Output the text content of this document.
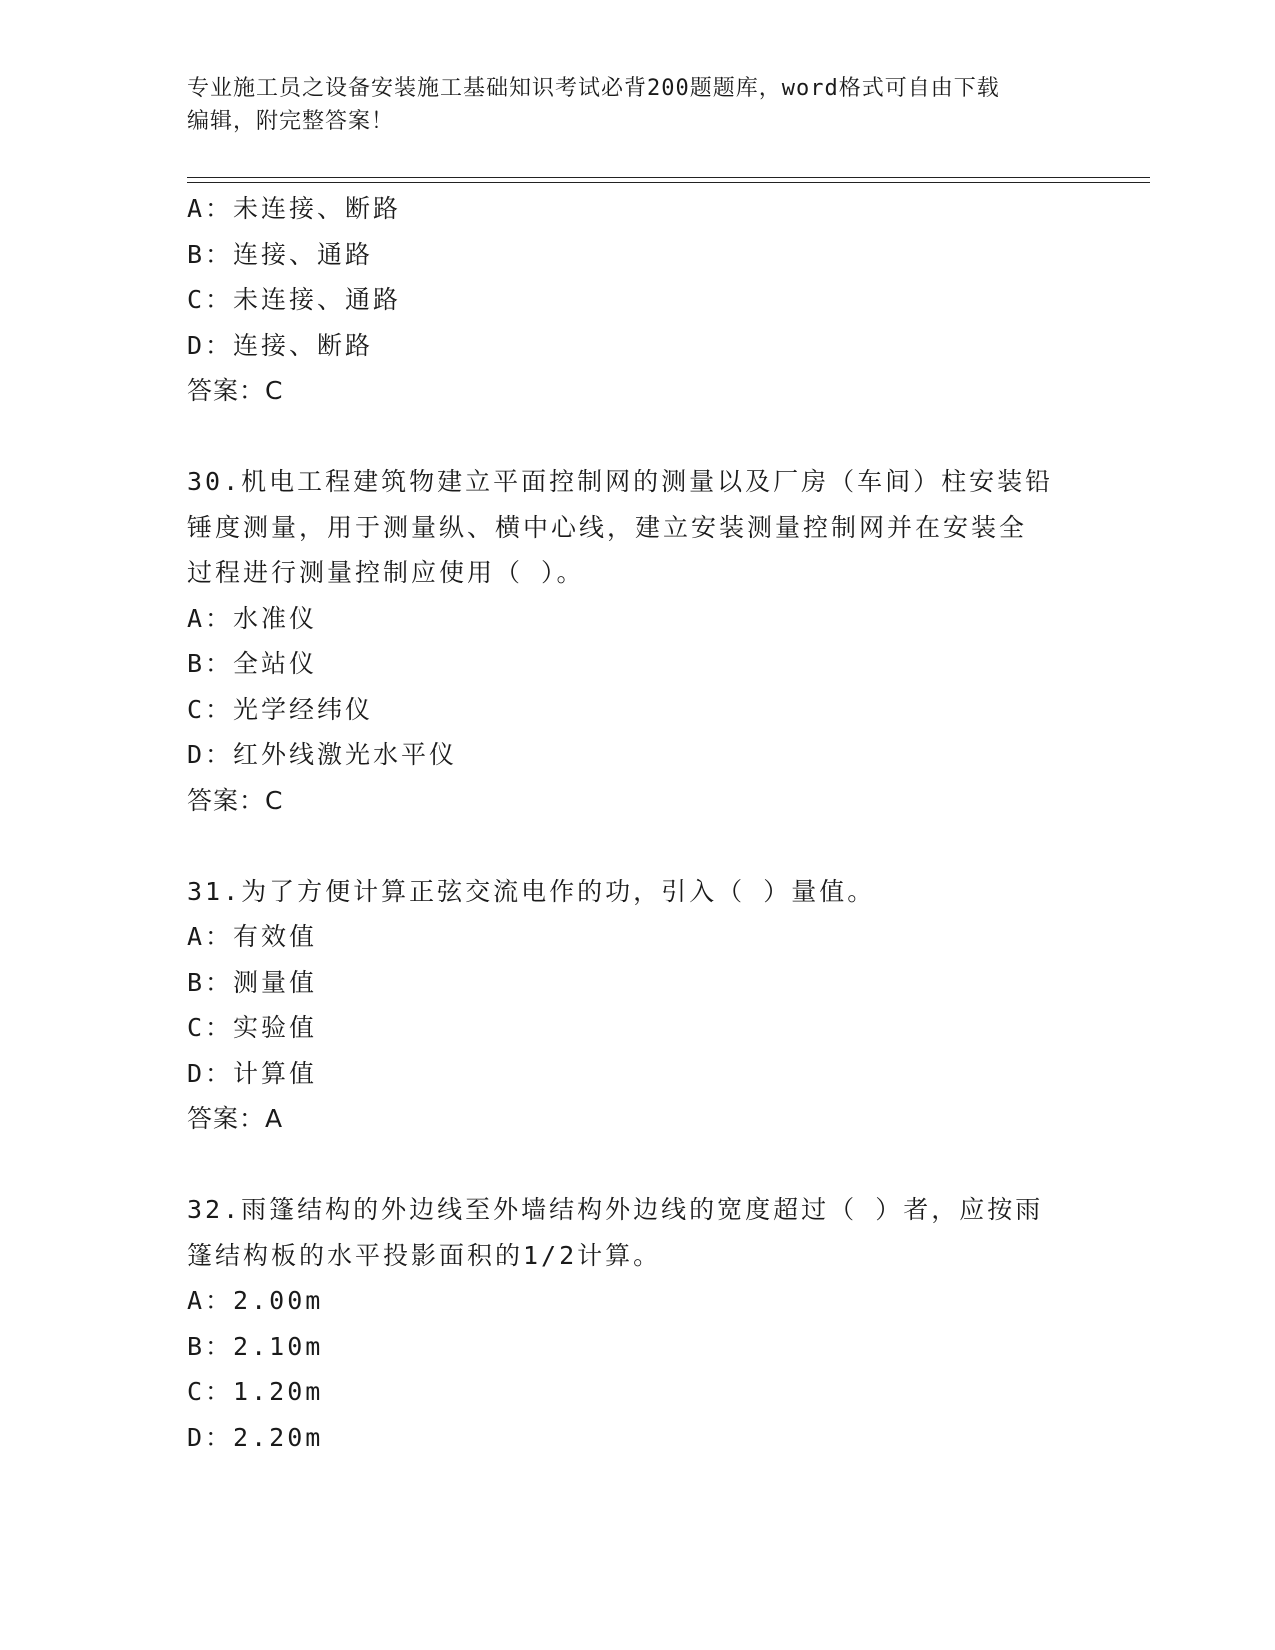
专业施工员之设备安装施工基础知识考试必背200题题库，word格式可自由下载
编辑，附完整答案！
A：未连接、断路
B：连接、通路
C：未连接、通路
D：连接、断路
答案：C
30.机电工程建筑物建立平面控制网的测量以及厂房（车间）柱安装铅
锤度测量，用于测量纵、横中心线，建立安装测量控制网并在安装全
过程进行测量控制应使用（ ）。
A：水准仪
B：全站仪
C：光学经纬仪
D：红外线激光水平仪
答案：C
31.为了方便计算正弦交流电作的功，引入（ ）量值。
A：有效值
B：测量值
C：实验值
D：计算值
答案：A
32.雨篷结构的外边线至外墙结构外边线的宽度超过（ ）者，应按雨
篷结构板的水平投影面积的1/2计算。
A：2.00m
B：2.10m
C：1.20m
D：2.20m
